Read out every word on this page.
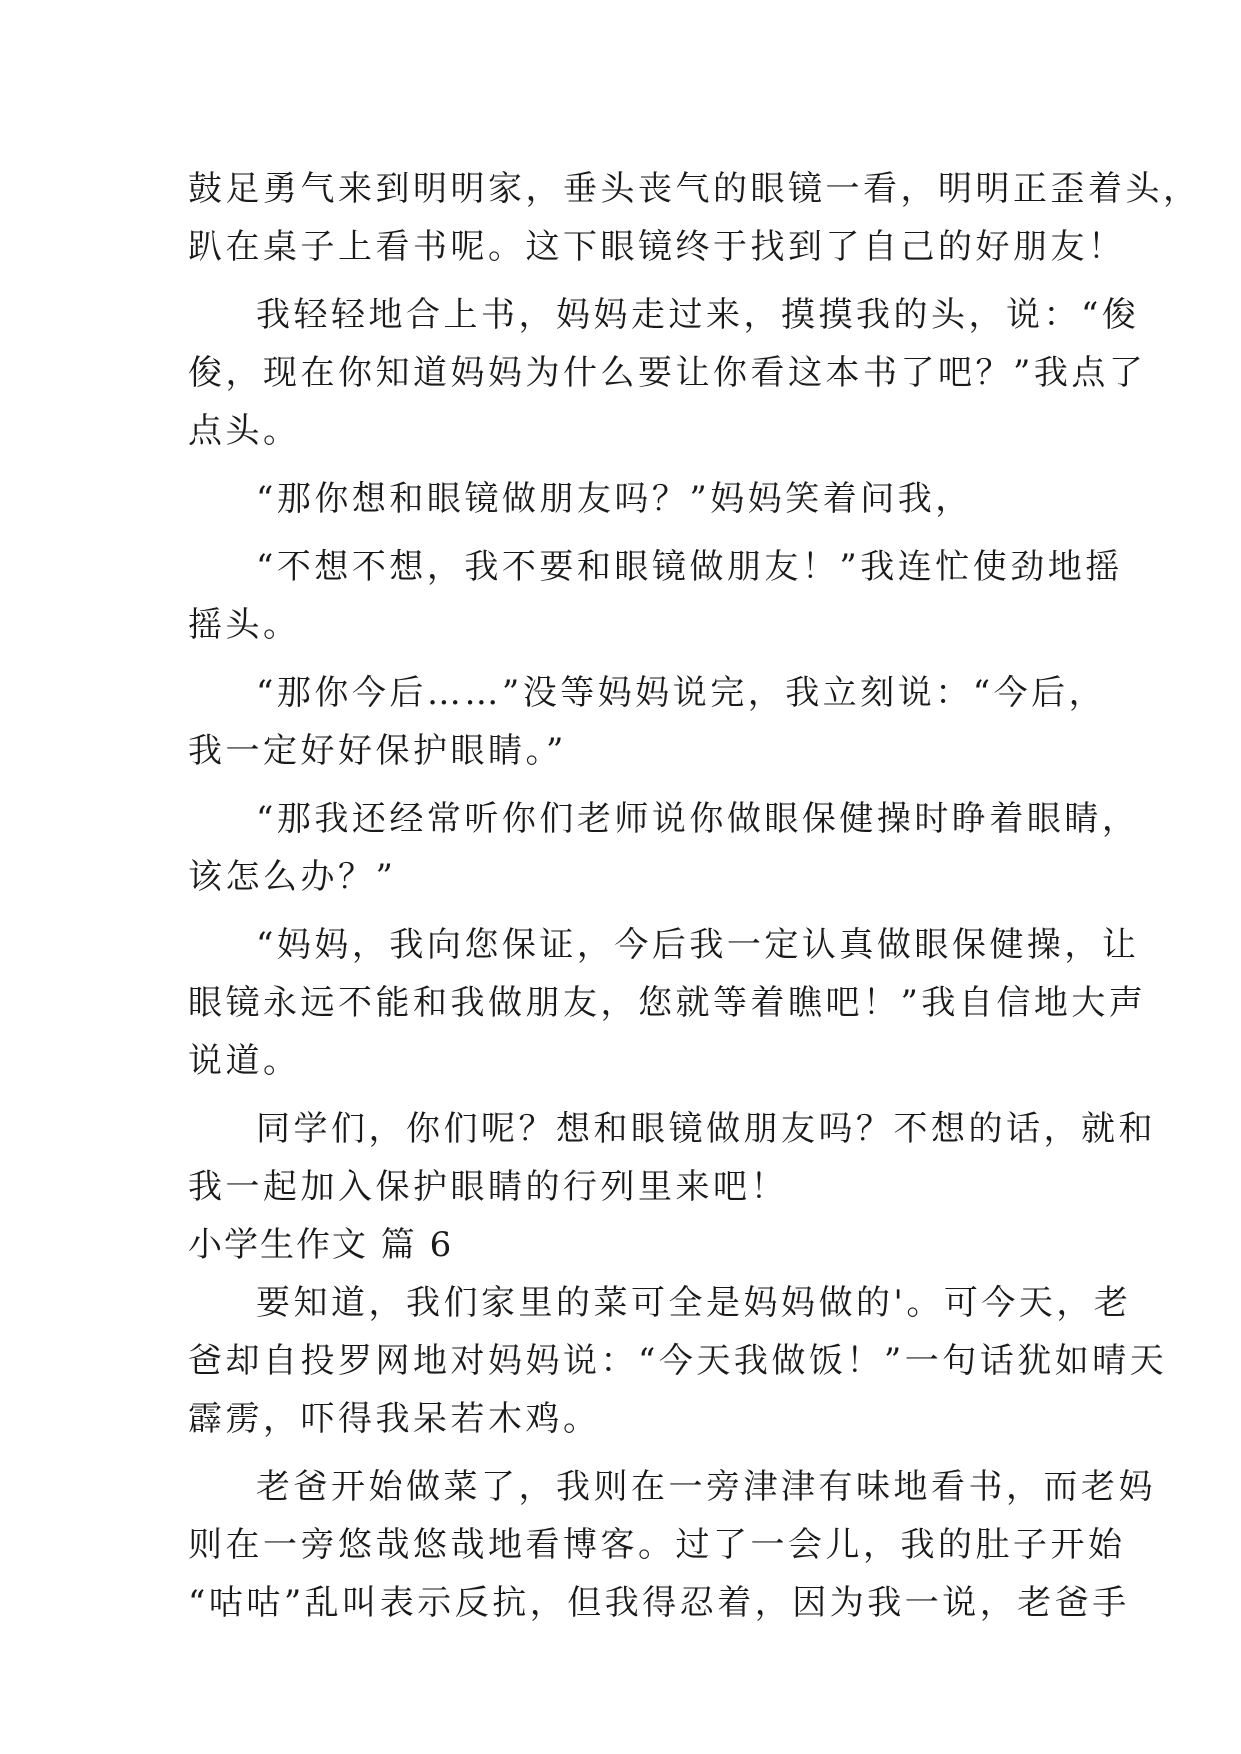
鼓足勇气来到明明家，垂头丧气的眼镜一看，明明正歪着头，
趴在桌子上看书呢。这下眼镜终于找到了自己的好朋友！
我轻轻地合上书，妈妈走过来，摸摸我的头，说：“俊
俊，现在你知道妈妈为什么要让你看这本书了吧？”我点了
点头。
“那你想和眼镜做朋友吗？”妈妈笑着问我，
“不想不想，我不要和眼镜做朋友！”我连忙使劲地摇
摇头。
“那你今后……”没等妈妈说完，我立刻说：“今后，
我一定好好保护眼睛。”
“那我还经常听你们老师说你做眼保健操时睁着眼睛，
该怎么办？”
“妈妈，我向您保证，今后我一定认真做眼保健操，让
眼镜永远不能和我做朋友，您就等着瞧吧！”我自信地大声
说道。
同学们，你们呢？想和眼镜做朋友吗？不想的话，就和
我一起加入保护眼睛的行列里来吧！
小学生作文 篇 6
要知道，我们家里的菜可全是妈妈做的'。可今天，老
爸却自投罗网地对妈妈说：“今天我做饭！”一句话犹如晴天
霹雳，吓得我呆若木鸡。
老爸开始做菜了，我则在一旁津津有味地看书，而老妈
则在一旁悠哉悠哉地看博客。过了一会儿，我的肚子开始
“咕咕”乱叫表示反抗，但我得忍着，因为我一说，老爸手
